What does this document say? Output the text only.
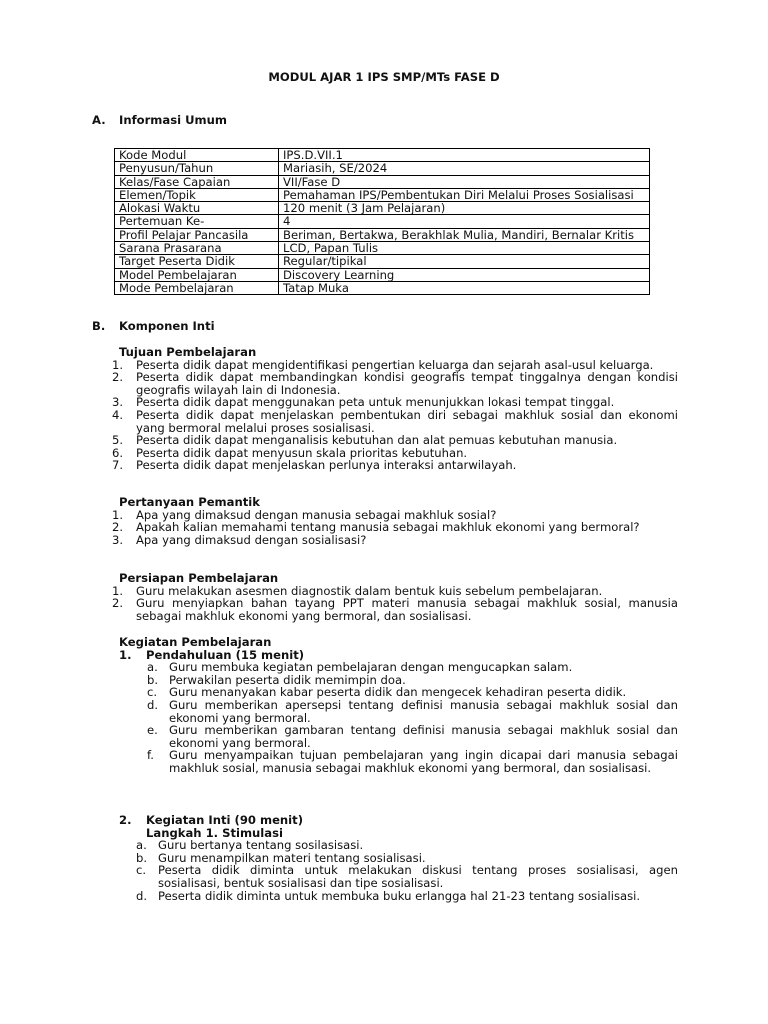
MODUL AJAR 1 IPS SMP/MTs FASE D
A. Informasi Umum
Kode Modul	IPS.D.VII.1
Penyusun/Tahun	Mariasih, SE/2024
Kelas/Fase Capaian	VII/Fase D
Elemen/Topik	Pemahaman IPS/Pembentukan Diri Melalui Proses Sosialisasi
Alokasi Waktu	120 menit (3 Jam Pelajaran)
Pertemuan Ke-	4
Profil Pelajar Pancasila	Beriman, Bertakwa, Berakhlak Mulia, Mandiri, Bernalar Kritis
Sarana Prasarana	LCD, Papan Tulis
Target Peserta Didik	Regular/tipikal
Model Pembelajaran	Discovery Learning
Mode Pembelajaran	Tatap Muka
B. Komponen Inti
Tujuan Pembelajaran
1. Peserta didik dapat mengidentifikasi pengertian keluarga dan sejarah asal-usul keluarga.
2. Peserta didik dapat membandingkan kondisi geografis tempat tinggalnya dengan kondisi geografis wilayah lain di Indonesia.
3. Peserta didik dapat menggunakan peta untuk menunjukkan lokasi tempat tinggal.
4. Peserta didik dapat menjelaskan pembentukan diri sebagai makhluk sosial dan ekonomi yang bermoral melalui proses sosialisasi.
5. Peserta didik dapat menganalisis kebutuhan dan alat pemuas kebutuhan manusia.
6. Peserta didik dapat menyusun skala prioritas kebutuhan.
7. Peserta didik dapat menjelaskan perlunya interaksi antarwilayah.
Pertanyaan Pemantik
1. Apa yang dimaksud dengan manusia sebagai makhluk sosial?
2. Apakah kalian memahami tentang manusia sebagai makhluk ekonomi yang bermoral?
3. Apa yang dimaksud dengan sosialisasi?
Persiapan Pembelajaran
1. Guru melakukan asesmen diagnostik dalam bentuk kuis sebelum pembelajaran.
2. Guru menyiapkan bahan tayang PPT materi manusia sebagai makhluk sosial, manusia sebagai makhluk ekonomi yang bermoral, dan sosialisasi.
Kegiatan Pembelajaran
1. Pendahuluan (15 menit)
a. Guru membuka kegiatan pembelajaran dengan mengucapkan salam.
b. Perwakilan peserta didik memimpin doa.
c. Guru menanyakan kabar peserta didik dan mengecek kehadiran peserta didik.
d. Guru memberikan apersepsi tentang definisi manusia sebagai makhluk sosial dan ekonomi yang bermoral.
e. Guru memberikan gambaran tentang definisi manusia sebagai makhluk sosial dan ekonomi yang bermoral.
f. Guru menyampaikan tujuan pembelajaran yang ingin dicapai dari manusia sebagai makhluk sosial, manusia sebagai makhluk ekonomi yang bermoral, dan sosialisasi.
2. Kegiatan Inti (90 menit)
Langkah 1. Stimulasi
a. Guru bertanya tentang sosilasisasi.
b. Guru menampilkan materi tentang sosialisasi.
c. Peserta didik diminta untuk melakukan diskusi tentang proses sosialisasi, agen sosialisasi, bentuk sosialisasi dan tipe sosialisasi.
d. Peserta didik diminta untuk membuka buku erlangga hal 21-23 tentang sosialisasi.
